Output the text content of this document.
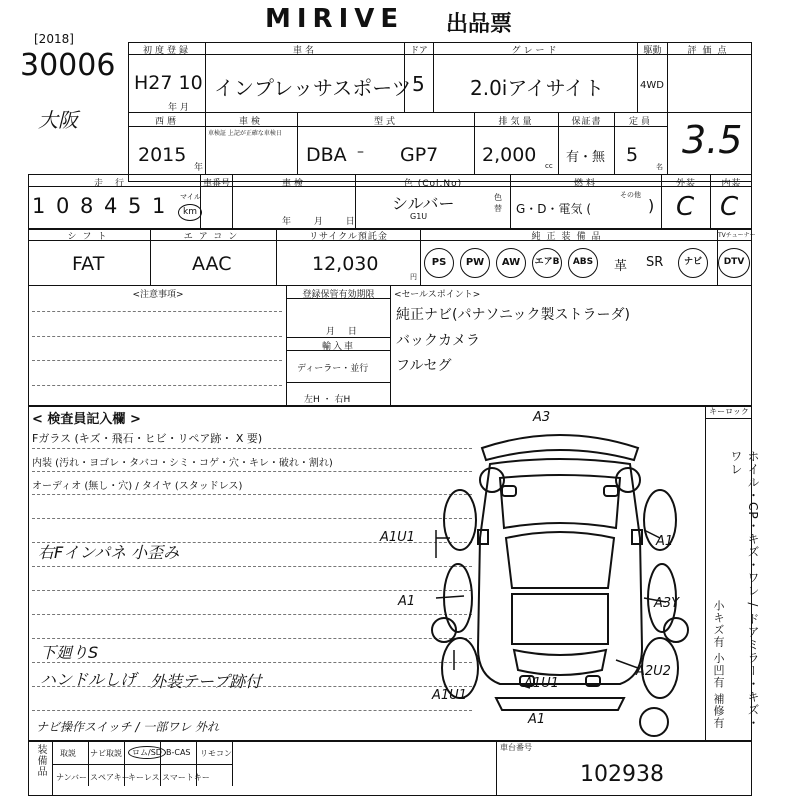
MIRIVE 出品票
[2018]
30006
大阪
初度登録
H27 10
年 月
車名
インプレッサスポーツ
ドア
5
グレード
2.0iアイサイト
駆動
4WD
評価点
3.5
西暦
2015
年
車検
車検証 上記が正確な車検日
型式
DBA – GP7
排気量
2,000 cc
保証書
有・無
定員
5
名
走行
1 0 8 4 5 1 マイル
km
車番号	車検
年 月 日
色 (Col.No)
シルバー
G1U
色替
燃料
G・D・電気 (
その他
)
外装
C
内装
C
シフト
FAT
エアコン
AAC
リサイクル預託金
12,030
円
純正装備品
PS	PW	AW	エアB	ABS	革 SR	ナビ
TVチューナー
DTV
<注意事項>	登録保管有効期限
月 日
輸入車
ディーラー・並行
左H ・ 右H
<セールスポイント>
純正ナビ(パナソニック製ストラーダ)
バックカメラ
フルセグ
< 検査員記入欄 >
Fガラス (キズ・飛石・ヒビ・リペア跡・ X 要)
内装 (汚れ・ヨゴレ・タバコ・シミ・コゲ・穴・キレ・破れ・割れ)
オーディオ (無し・穴) / タイヤ (スタッドレス)
右Fインパネ 小歪み
下廻りS
ハンドルしげ 外装テープ跡付
ナビ操作スイッチ / 一部ワレ 外れ
A3
A1U1	A1
A1	A3Y
A1U1
A1U1
A2U2
A1
キーロック
ホイル・CP・キズ・ワレ / ドアミラー・キズ・ワレ
小キズ有 小凹有 補修有
装備品 取説 ナビ取説	ロム/SD B-CAS リモコン
ナンバー スペアキー
キーレス スマートキー
車台番号
102938
